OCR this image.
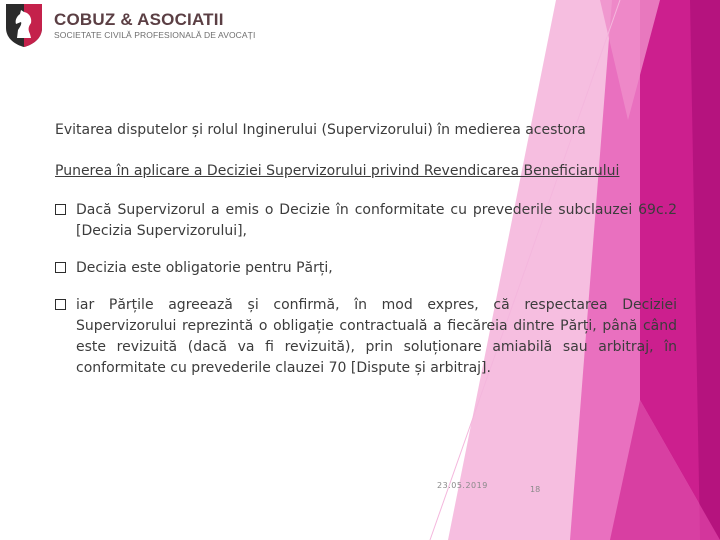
COBUZ & ASOCIATII
SOCIETATE CIVILĂ PROFESIONALĂ DE AVOCAȚI

Evitarea disputelor și rolul Inginerului (Supervizorului) în medierea acestora

Punerea în aplicare a Deciziei Supervizorului privind Revendicarea Beneficiarului

Dacă Supervizorul a emis o Decizie în conformitate cu prevederile subclauzei 69c.2 [Decizia Supervizorului],
Decizia este obligatorie pentru Părți,
iar Părțile agreează și confirmă, în mod expres, că respectarea Deciziei Supervizorului reprezintă o obligație contractuală a fiecăreia dintre Părți, până când este revizuită (dacă va fi revizuită), prin soluționare amiabilă sau arbitraj, în conformitate cu prevederile clauzei 70 [Dispute și arbitraj].
23.05.2019	18
